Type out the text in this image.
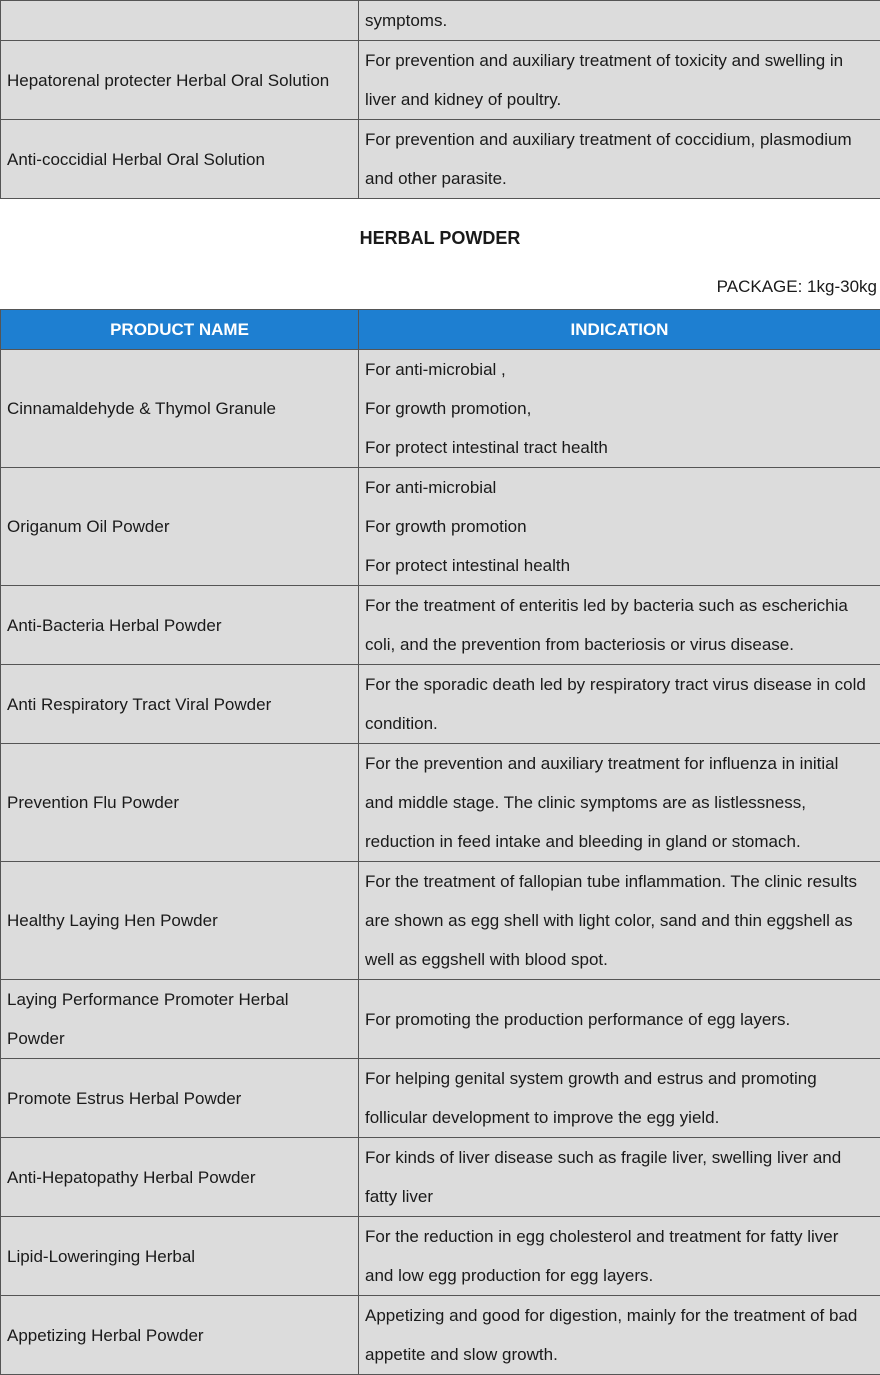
	symptoms.

Hepatorenal protecter Herbal Oral Solution	For prevention and auxiliary treatment of toxicity and swelling in
liver and kidney of poultry.

Anti-coccidial Herbal Oral Solution	For prevention and auxiliary treatment of coccidium, plasmodium
and other parasite.
HERBAL POWDER
PACKAGE: 1kg-30kg
PRODUCT NAME	INDICATION

Cinnamaldehyde & Thymol Granule	For anti-microbial ,
For growth promotion,
For protect intestinal tract health

Origanum Oil Powder	For anti-microbial
For growth promotion
For protect intestinal health

Anti-Bacteria Herbal Powder	For the treatment of enteritis led by bacteria such as escherichia
coli, and the prevention from bacteriosis or virus disease.

Anti Respiratory Tract Viral Powder	For the sporadic death led by respiratory tract virus disease in cold
condition.

Prevention Flu Powder	For the prevention and auxiliary treatment for influenza in initial
and middle stage. The clinic symptoms are as listlessness,
reduction in feed intake and bleeding in gland or stomach.

Healthy Laying Hen Powder	For the treatment of fallopian tube inflammation. The clinic results
are shown as egg shell with light color, sand and thin eggshell as
well as eggshell with blood spot.

Laying Performance Promoter Herbal
Powder	For promoting the production performance of egg layers.

Promote Estrus Herbal Powder	For helping genital system growth and estrus and promoting
follicular development to improve the egg yield.

Anti-Hepatopathy Herbal Powder	For kinds of liver disease such as fragile liver, swelling liver and
fatty liver

Lipid-Loweringing Herbal	For the reduction in egg cholesterol and treatment for fatty liver
and low egg production for egg layers.

Appetizing Herbal Powder	Appetizing and good for digestion, mainly for the treatment of bad
appetite and slow growth.
